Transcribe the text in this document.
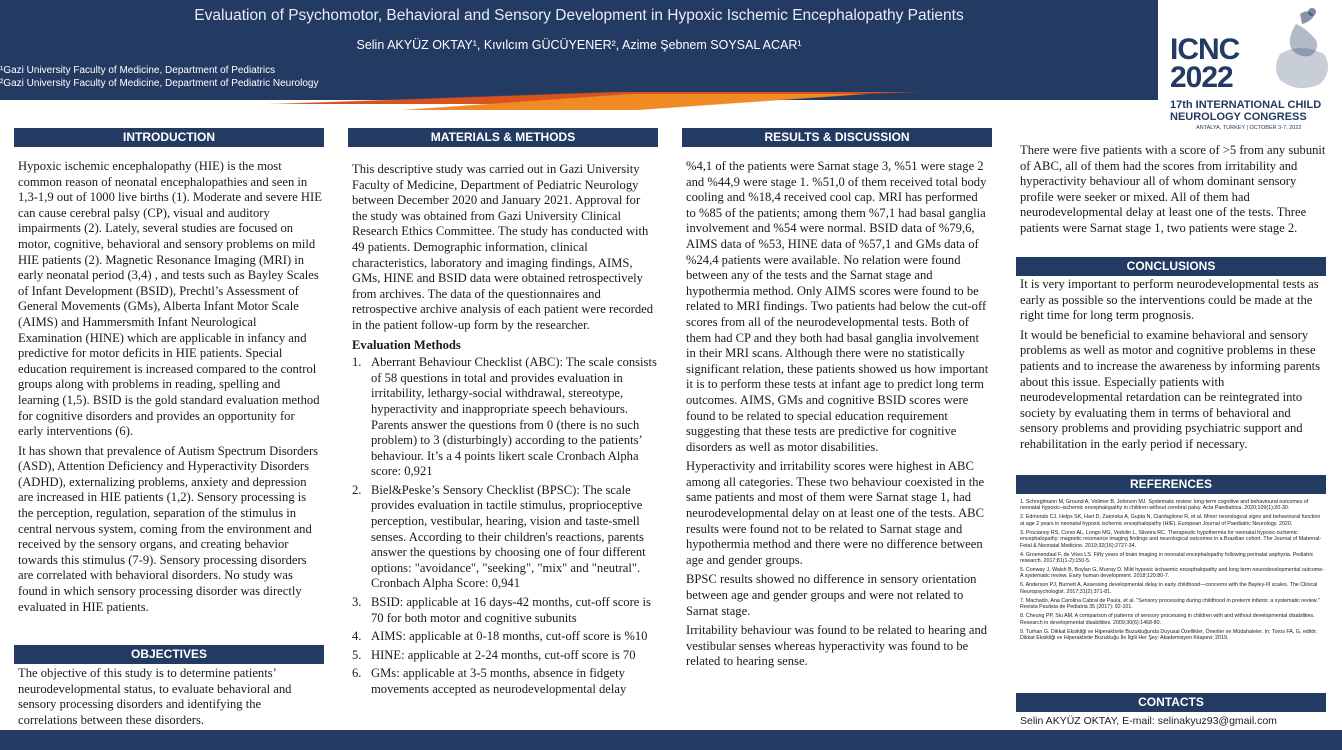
Evaluation of Psychomotor, Behavioral and Sensory Development in Hypoxic Ischemic Encephalopathy Patients
Selin AKYÜZ OKTAY¹, Kıvılcım GÜCÜYENER², Azime Şebnem SOYSAL ACAR¹
¹Gazi University Faculty of Medicine, Department of Pediatrics
²Gazi University Faculty of Medicine, Department of Pediatric Neurology
ICNC
2022
17th INTERNATIONAL CHILD NEUROLOGY CONGRESS
ANTALYA, TURKEY | OCTOBER 3-7, 2022
INTRODUCTION

Hypoxic ischemic encephalopathy (HIE) is the most common reason of neonatal encephalopathies and seen in 1,3-1,9 out of 1000 live births (1). Moderate and severe HIE can cause cerebral palsy (CP), visual and auditory impairments (2). Lately, several studies are focused on motor, cognitive, behavioral and sensory problems on mild HIE patients (2). Magnetic Resonance Imaging (MRI) in early neonatal period (3,4) , and tests such as Bayley Scales of Infant Development (BSID), Prechtl’s Assessment of General Movements (GMs), Alberta Infant Motor Scale (AIMS) and Hammersmith Infant Neurological Examination (HINE) which are applicable in infancy and predictive for motor deficits in HIE patients. Special education requirement is increased compared to the control groups along with problems in reading, spelling and learning (1,5). BSID is the gold standard evaluation method for cognitive disorders and provides an opportunity for early interventions (6).

It has shown that prevalence of Autism Spectrum Disorders (ASD), Attention Deficiency and Hyperactivity Disorders (ADHD), externalizing problems, anxiety and depression are increased in HIE patients (1,2). Sensory processing is the perception, regulation, separation of the stimulus in central nervous system, coming from the environment and received by the sensory organs, and creating behavior towards this stimulus (7-9). Sensory processing disorders are correlated with behavioral disorders. No study was found in which sensory processing disorder was directly evaluated in HIE patients.

OBJECTIVES

The objective of this study is to determine patients’ neurodevelopmental status, to evaluate behavioral and sensory processing disorders and identifying the correlations between these disorders.

MATERIALS & METHODS

This descriptive study was carried out in Gazi University Faculty of Medicine, Department of Pediatric Neurology between December 2020 and January 2021. Approval for the study was obtained from Gazi University Clinical Research Ethics Committee. The study has conducted with 49 patients. Demographic information, clinical characteristics, laboratory and imaging findings, AIMS, GMs, HINE and BSID data were obtained retrospectively from archives. The data of the questionnaires and retrospective archive analysis of each patient were recorded in the patient follow-up form by the researcher.

Evaluation Methods
1. Aberrant Behaviour Checklist (ABC): The scale consists of 58 questions in total and provides evaluation in irritability, lethargy-social withdrawal, stereotype, hyperactivity and inappropriate speech behaviours. Parents answer the questions from 0 (there is no such problem) to 3 (disturbingly) according to the patients’ behaviour. It’s a 4 points likert scale Cronbach Alpha score: 0,921
2. Biel&Peske’s Sensory Checklist (BPSC): The scale provides evaluation in tactile stimulus, proprioceptive perception, vestibular, hearing, vision and taste-smell senses. According to their children's reactions, parents answer the questions by choosing one of four different options: "avoidance", "seeking", "mix" and "neutral". Cronbach Alpha Score: 0,941
3. BSID: applicable at 16 days-42 months, cut-off score is 70 for both motor and cognitive subunits
4. AIMS: applicable at 0-18 months, cut-off score is %10
5. HINE: applicable at 2-24 months, cut-off score is 70
6. GMs: applicable at 3-5 months, absence in fidgety movements accepted as neurodevelopmental delay
RESULTS & DISCUSSION

%4,1 of the patients were Sarnat stage 3, %51 were stage 2 and %44,9 were stage 1. %51,0 of them received total body cooling and %18,4 received cool cap. MRI has performed to %85 of the patients; among them %7,1 had basal ganglia involvement and %54 were normal. BSID data of %79,6, AIMS data of %53, HINE data of %57,1 and GMs data of %24,4 patients were available. No relation were found between any of the tests and the Sarnat stage and hypothermia method. Only AIMS scores were found to be related to MRI findings. Two patients had below the cut-off scores from all of the neurodevelopmental tests. Both of them had CP and they both had basal ganglia involvement in their MRI scans. Although there were no statistically significant relation, these patients showed us how important it is to perform these tests at infant age to predict long term outcomes. AIMS, GMs and cognitive BSID scores were found to be related to special education requirement suggesting that these tests are predictive for cognitive disorders as well as motor disabilities.

Hyperactivity and irritability scores were highest in ABC among all categories. These two behaviour coexisted in the same patients and most of them were Sarnat stage 1, had neurodevelopmental delay on at least one of the tests. ABC results were found not to be related to Sarnat stage and hypothermia method and there were no difference between age and gender groups.

BPSC results showed no difference in sensory orientation between age and gender groups and were not related to Sarnat stage.

Irritability behaviour was found to be related to hearing and vestibular senses whereas hyperactivity was found to be related to hearing sense.

There were five patients with a score of >5 from any subunit of ABC, all of them had the scores from irritability and hyperactivity behaviour all of whom dominant sensory profile were seeker or mixed. All of them had neurodevelopmental delay at least one of the tests. Three patients were Sarnat stage 1, two patients were stage 2.

CONCLUSIONS

It is very important to perform neurodevelopmental tests as early as possible so the interventions could be made at the right time for long term prognosis.

It would be beneficial to examine behavioral and sensory problems as well as motor and cognitive problems in these patients and to increase the awareness by informing parents about this issue. Especially patients with neurodevelopmental retardation can be reintegrated into society by evaluating them in terms of behavioral and sensory problems and providing psychiatric support and rehabilitation in the early period if necessary.

REFERENCES
1. Schreglmann M, Ground A, Vollmer B, Johnson MJ. Systematic review: long-term cognitive and behavioural outcomes of neonatal hypoxic–ischemic encephalopathy in children without cerebral palsy. Acta Paediatrica. 2020;109(1):20-30.
2. Edmonds CJ, Helps SK, Hart D, Zatorska A, Gupta N, Cianfaglione R, et al. Minor neurological signs and behavioural function at age 2 years in neonatal hypoxic ischemic encephalopathy (HIE). European Journal of Paediatric Neurology. 2020.
3. Procianoy RS, Corso AL, Longo MG, Vedolin L, Silveira RC. Therapeutic hypothermia for neonatal hypoxic-ischemic encephalopathy: magnetic resonance imaging findings and neurological outcomes in a Brazilian cohort. The Journal of Maternal-Fetal & Neonatal Medicine. 2019;32(16):2727-34.
4. Groenendaal F, de Vries LS. Fifty years of brain imaging in neonatal encephalopathy following perinatal asphyxia. Pediatric research. 2017;81(1-2):150-5.
5. Conway J, Walsh B, Boylan G, Murray D. Mild hypoxic ischaemic encephalopathy and long term neurodevelopmental outcome-A systematic review. Early human development. 2018;120:80-7.
6. Anderson PJ, Burnett A. Assessing developmental delay in early childhood—concerns with the Bayley-III scales. The Clinical Neuropsychologist. 2017;31(2):371-81.
7. Machado, Ana Carolina Cabral de Paula, et al. "Sensory processing during childhood in preterm infants: a systematic review." Revista Paulista de Pediatria 35 (2017): 92-101.
8. Cheung PP, Siu AM. A comparison of patterns of sensory processing in children with and without developmental disabilities. Research in developmental disabilities. 2009;30(6):1468-80.
9. Turhan G. Dikkat Eksikliği ve Hiperaktivite Bozukluğunda Duyusal Özellikler, Öneriler ve Müdahaleler. In: Toros FA, G, editör. Dikkat Eksikliği ve Hiperaktivite Bozukluğu İle İlgili Her Şey: Akademisyen Kitapevi; 2019.
CONTACTS
Selin AKYÜZ OKTAY, E-mail: selinakyuz93@gmail.com
